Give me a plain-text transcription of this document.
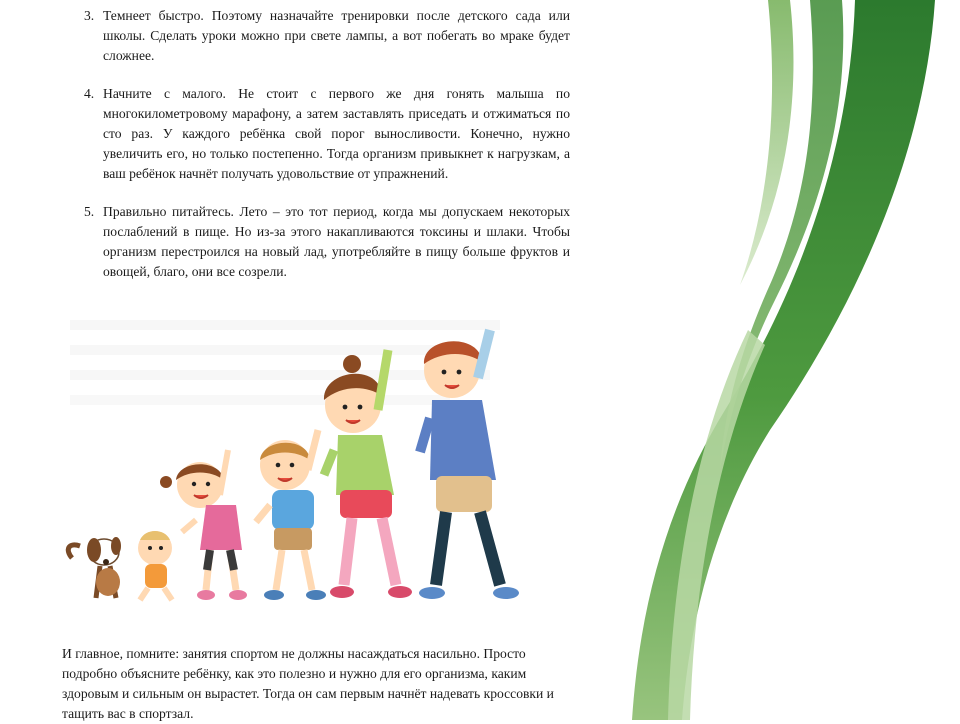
3. Темнеет быстро. Поэтому назначайте тренировки после детского сада или школы. Сделать уроки можно при свете лампы, а вот побегать во мраке будет сложнее.
4. Начните с малого. Не стоит с первого же дня гонять малыша по многокилометровому марафону, а затем заставлять приседать и отжиматься по сто раз. У каждого ребёнка свой порог выносливости. Конечно, нужно увеличить его, но только постепенно. Тогда организм привыкнет к нагрузкам, а ваш ребёнок начнёт получать удовольствие от упражнений.
5. Правильно питайтесь. Лето – это тот период, когда мы допускаем некоторых послаблений в пище. Но из-за этого накапливаются токсины и шлаки. Чтобы организм перестроился на новый лад, употребляйте в пищу больше фруктов и овощей, благо, они все созрели.

И главное, помните: занятия спортом не должны насаждаться насильно. Просто подробно объясните ребёнку, как это полезно и нужно для его организма, каким здоровым и сильным он вырастет. Тогда он сам первым начнёт надевать кроссовки и тащить вас в спортзал.
